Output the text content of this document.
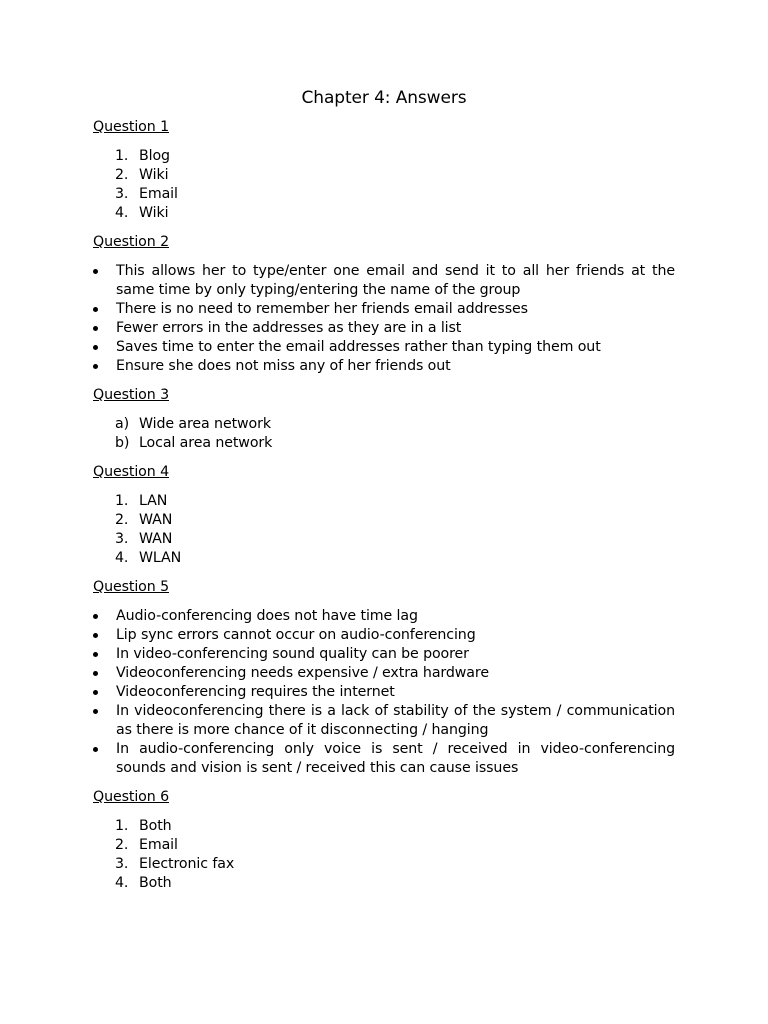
Chapter 4: Answers
Question 1
1. Blog
2. Wiki
3. Email
4. Wiki
Question 2
This allows her to type/enter one email and send it to all her friends at the same time by only typing/entering the name of the group
There is no need to remember her friends email addresses
Fewer errors in the addresses as they are in a list
Saves time to enter the email addresses rather than typing them out
Ensure she does not miss any of her friends out
Question 3
a) Wide area network
b) Local area network
Question 4
1. LAN
2. WAN
3. WAN
4. WLAN
Question 5
Audio-conferencing does not have time lag
Lip sync errors cannot occur on audio-conferencing
In video-conferencing sound quality can be poorer
Videoconferencing needs expensive / extra hardware
Videoconferencing requires the internet
In videoconferencing there is a lack of stability of the system / communication as there is more chance of it disconnecting / hanging
In audio-conferencing only voice is sent / received in video-conferencing sounds and vision is sent / received this can cause issues
Question 6
1. Both
2. Email
3. Electronic fax
4. Both
